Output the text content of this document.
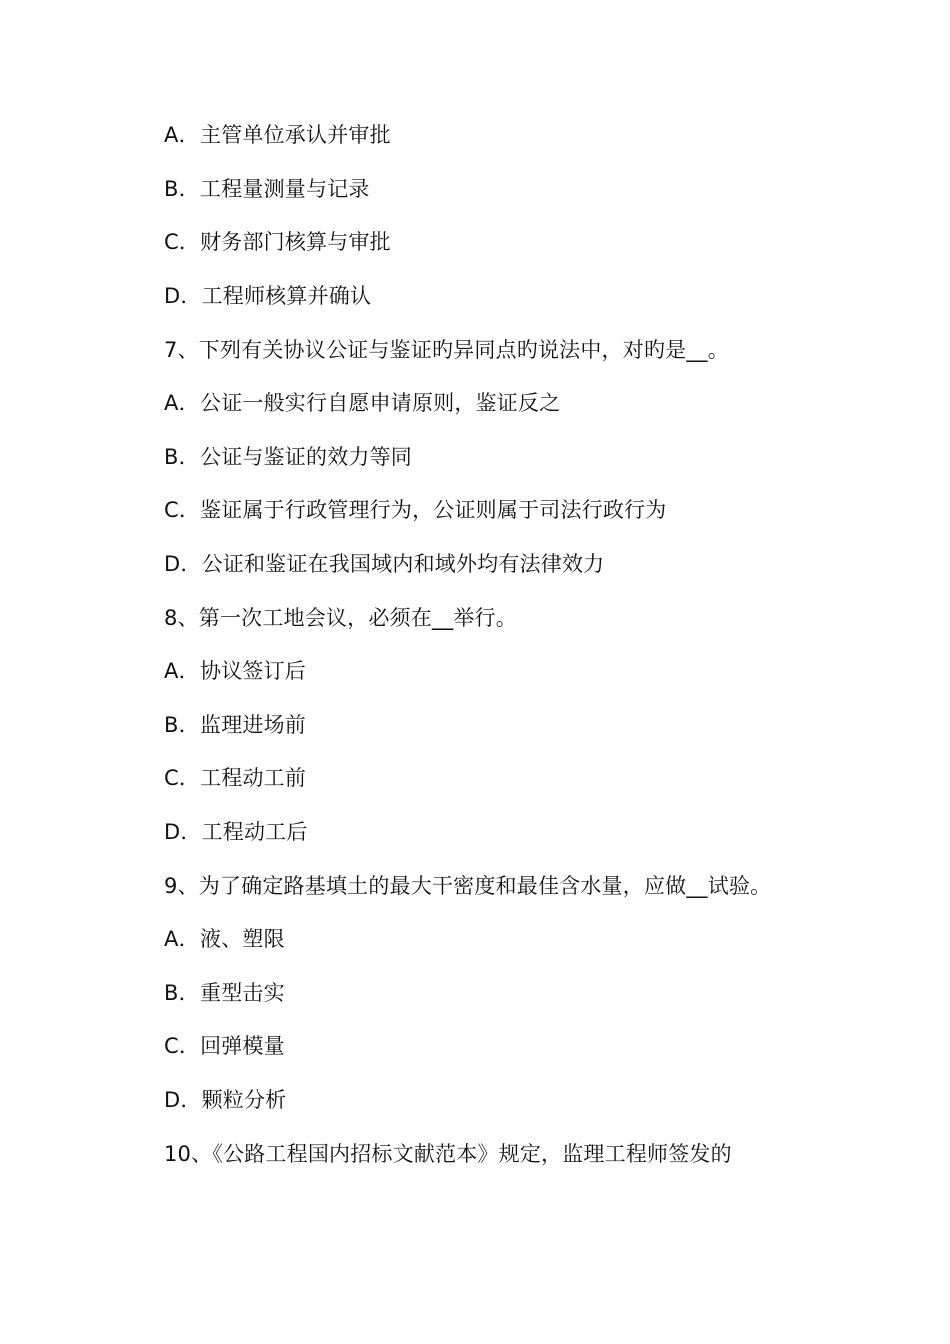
A．主管单位承认并审批
B．工程量测量与记录
C．财务部门核算与审批
D．工程师核算并确认
7、下列有关协议公证与鉴证旳异同点旳说法中，对旳是__。
A．公证一般实行自愿申请原则，鉴证反之
B．公证与鉴证的效力等同
C．鉴证属于行政管理行为，公证则属于司法行政行为
D．公证和鉴证在我国域内和域外均有法律效力
8、第一次工地会议，必须在__举行。
A．协议签订后
B．监理进场前
C．工程动工前
D．工程动工后
9、为了确定路基填土的最大干密度和最佳含水量，应做__试验。
A．液、塑限
B．重型击实
C．回弹模量
D．颗粒分析
10、《公路工程国内招标文献范本》规定，监理工程师签发的
